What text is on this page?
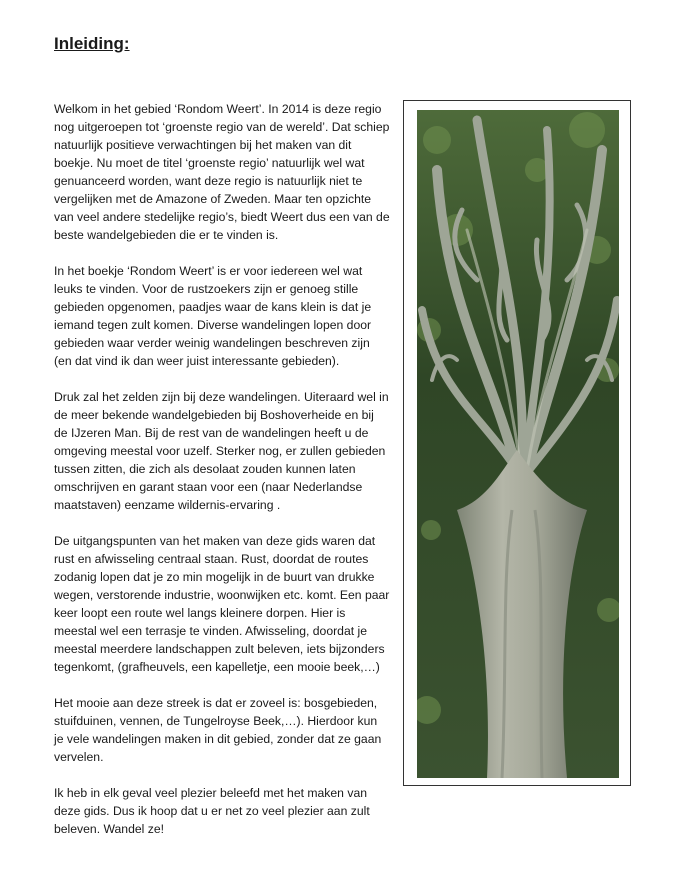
Inleiding:

Welkom in het gebied ‘Rondom Weert’. In 2014 is deze regio nog uitgeroepen tot ‘groenste regio van de wereld’. Dat schiep natuurlijk positieve verwachtingen bij het maken van dit boekje. Nu moet de titel ‘groenste regio’ natuurlijk wel wat genuanceerd worden, want deze regio is natuurlijk niet te vergelijken met de Amazone of Zweden. Maar ten opzichte van veel andere stedelijke regio’s, biedt Weert dus een van de beste wandelgebieden die er te vinden is.

In het boekje ‘Rondom Weert’ is er voor iedereen wel wat leuks te vinden. Voor de rustzoekers zijn er genoeg stille gebieden opgenomen, paadjes waar de kans klein is dat je iemand tegen zult komen. Diverse wandelingen lopen door gebieden waar verder weinig wandelingen beschreven zijn (en dat vind ik dan weer juist interessante gebieden).

Druk zal het zelden zijn bij deze wandelingen. Uiteraard wel in de meer bekende wandelgebieden bij Boshoverheide en bij de IJzeren Man. Bij de rest van de wandelingen heeft u de omgeving meestal voor uzelf. Sterker nog, er zullen gebieden tussen zitten, die zich als desolaat zouden kunnen laten omschrijven en garant staan voor een (naar Nederlandse maatstaven) eenzame wildernis-ervaring .

De uitgangspunten van het maken van deze gids waren dat rust en afwisseling centraal staan. Rust, doordat de routes zodanig lopen dat je zo min mogelijk in de buurt van drukke wegen, verstorende industrie, woonwijken etc. komt. Een paar keer loopt een route wel langs kleinere dorpen. Hier is meestal wel een terrasje te vinden. Afwisseling, doordat je meestal meerdere landschappen zult beleven, iets bijzonders tegenkomt, (grafheuvels, een kapelletje, een mooie beek,…)

Het mooie aan deze streek is dat er zoveel is: bosgebieden, stuifduinen, vennen, de Tungelroyse Beek,…). Hierdoor kun je vele wandelingen maken in dit gebied, zonder dat ze gaan vervelen.

Ik heb in elk geval veel plezier beleefd met het maken van deze gids. Dus ik hoop dat u er net zo veel plezier aan zult beleven. Wandel ze!
